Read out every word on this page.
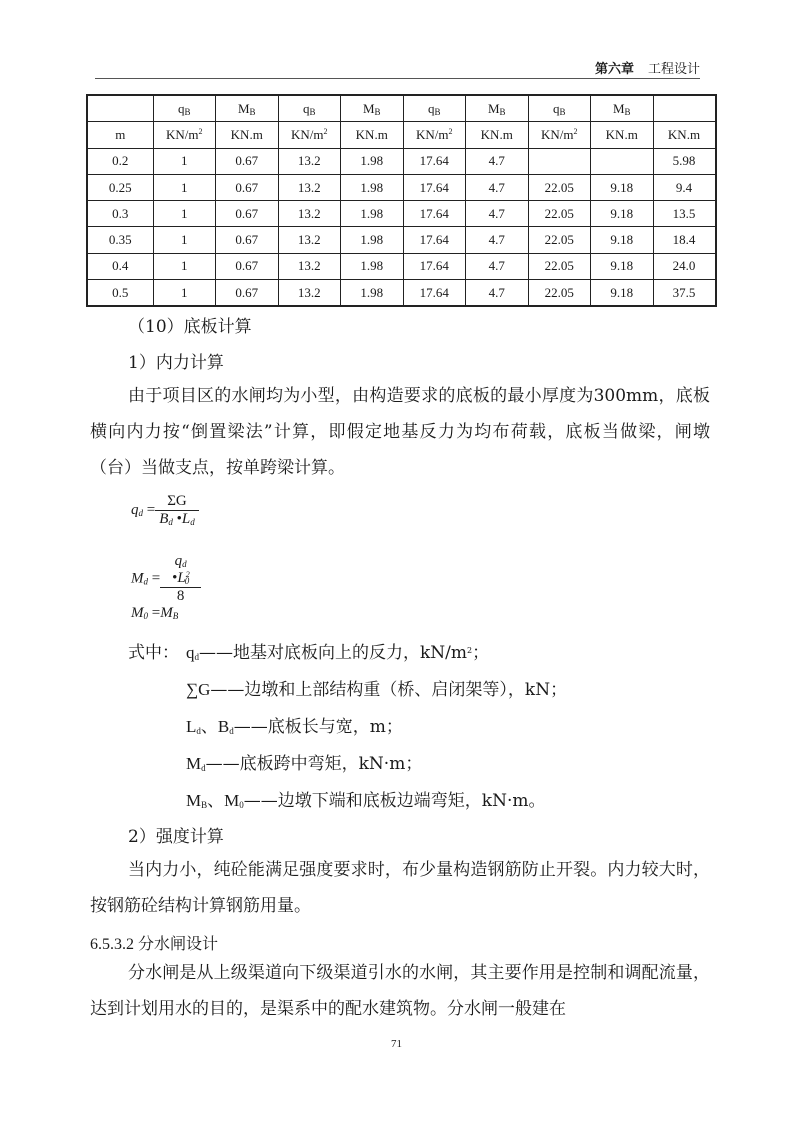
第六章 工程设计
	$q_B$	$M_B$	$q_B$	$M_B$	$q_B$	$M_B$	$q_B$	$M_B$	
m	$KN/m^2$	KN.m	$KN/m^2$	KN.m	$KN/m^2$	KN.m	$KN/m^2$	KN.m	KN.m
0.2	1	0.67	13.2	1.98	17.64	4.7			5.98
0.25	1	0.67	13.2	1.98	17.64	4.7	22.05	9.18	9.4
0.3	1	0.67	13.2	1.98	17.64	4.7	22.05	9.18	13.5
0.35	1	0.67	13.2	1.98	17.64	4.7	22.05	9.18	18.4
0.4	1	0.67	13.2	1.98	17.64	4.7	22.05	9.18	24.0
0.5	1	0.67	13.2	1.98	17.64	4.7	22.05	9.18	37.5
（10）底板计算
1）内力计算
由于项目区的水闸均为小型，由构造要求的底板的最小厚度为300mm，底板横向内力按“倒置梁法”计算，即假定地基反力为均布荷载，底板当做梁，闸墩（台）当做支点，按单跨梁计算。
$q_d = \frac{\Sigma G}{B_d •L_d}$
$M_d = \frac{q_d •L^2_0}{8}$
$M_0 =M_B$
式中： $q_d——$地基对底板向上的反力，$kN/m^2$；
∑G——边墩和上部结构重（桥、启闭架等），kN；
$L_d$、$B_d——$底板长与宽，m；
$M_d——$底板跨中弯矩，kN·m；
$M_B$、$M_0——$边墩下端和底板边端弯矩，kN·m。
2）强度计算
当内力小，纯砼能满足强度要求时，布少量构造钢筋防止开裂。内力较大时，按钢筋砼结构计算钢筋用量。
6.5.3.2 分水闸设计
分水闸是从上级渠道向下级渠道引水的水闸，其主要作用是控制和调配流量，达到计划用水的目的，是渠系中的配水建筑物。分水闸一般建在
71
